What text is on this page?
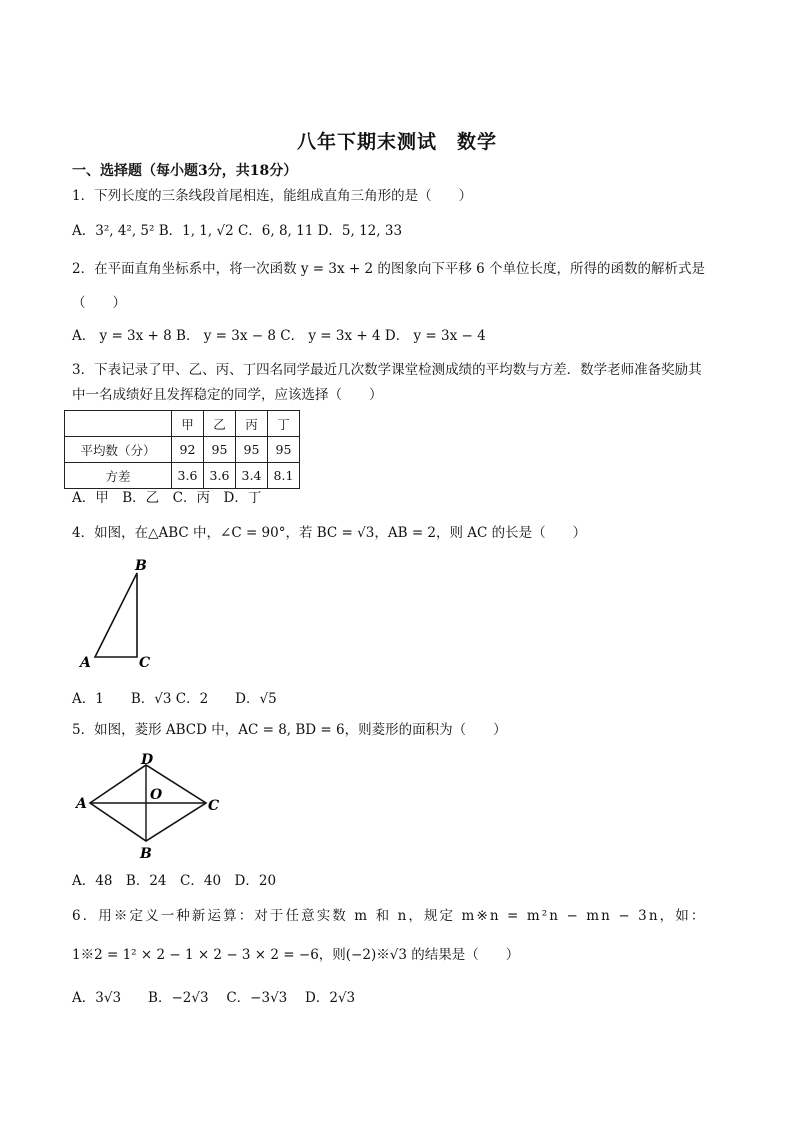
八年下期末测试　数学
一、选择题（每小题3分，共18分）
1．下列长度的三条线段首尾相连，能组成直角三角形的是（　　）
A．3², 4², 5² B．1, 1, √2 C．6, 8, 11 D．5, 12, 33
2．在平面直角坐标系中，将一次函数 y = 3x + 2 的图象向下平移 6 个单位长度，所得的函数的解析式是
（　　）
A． y = 3x + 8 B． y = 3x − 8 C． y = 3x + 4 D． y = 3x − 4
3．下表记录了甲、乙、丙、丁四名同学最近几次数学课堂检测成绩的平均数与方差．数学老师准备奖励其
中一名成绩好且发挥稳定的同学，应该选择（　　）
	甲	乙	丙	丁
平均数（分）	92	95	95	95
方差	3.6	3.6	3.4	8.1
A．甲　B．乙　C．丙　D．丁
4．如图，在△ABC 中，∠C = 90°，若 BC = √3，AB = 2，则 AC 的长是（　　）
B
A	C
A．1　　B．√3 C．2　　D．√5
5．如图，菱形 ABCD 中，AC = 8, BD = 6，则菱形的面积为（　　）
D
A
O
C
B
A．48　B．24　C．40　D．20
6．用※定义一种新运算：对于任意实数 m 和 n，规定 m※n = m²n − mn − 3n，如：
1※2 = 1² × 2 − 1 × 2 − 3 × 2 = −6，则(−2)※√3 的结果是（　　）
A．3√3　　B．−2√3　 C．−3√3　 D．2√3
